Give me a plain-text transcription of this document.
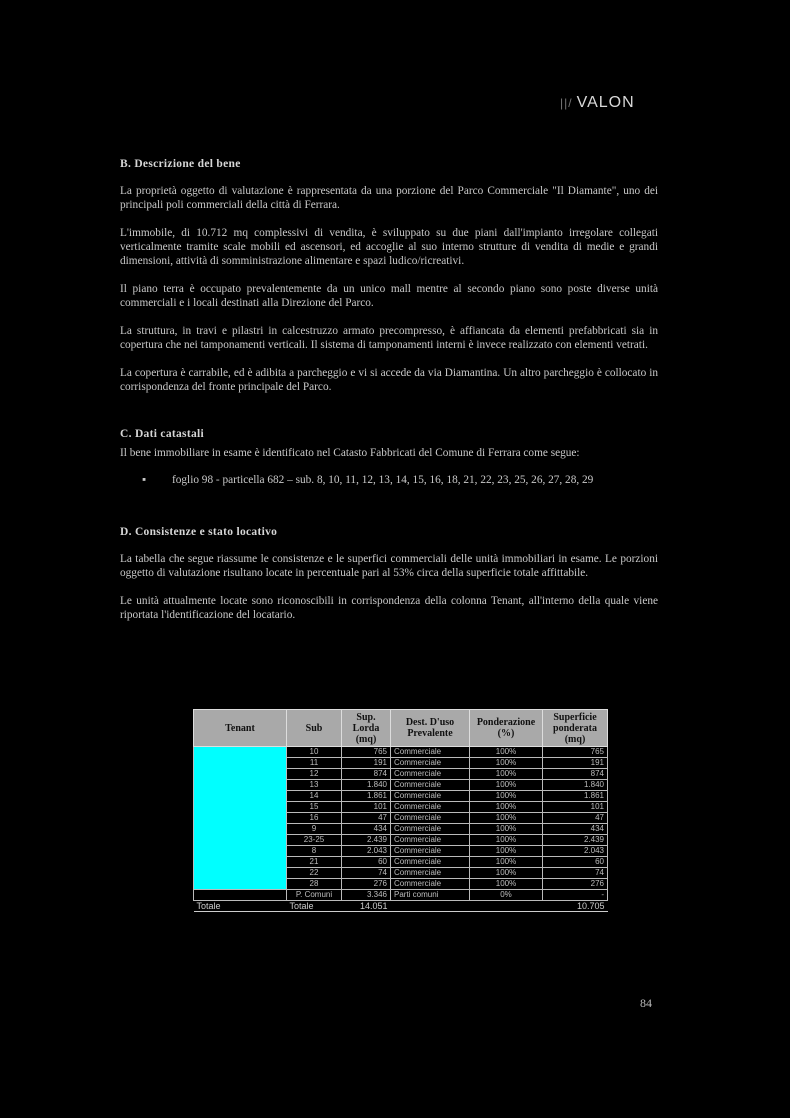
||/ VALON
B. Descrizione del bene

La proprietà oggetto di valutazione è rappresentata da una porzione del Parco Commerciale "Il Diamante", uno dei principali poli commerciali della città di Ferrara.

L'immobile, di 10.712 mq complessivi di vendita, è sviluppato su due piani dall'impianto irregolare collegati verticalmente tramite scale mobili ed ascensori, ed accoglie al suo interno strutture di vendita di medie e grandi dimensioni, attività di somministrazione alimentare e spazi ludico/ricreativi.

Il piano terra è occupato prevalentemente da un unico mall mentre al secondo piano sono poste diverse unità commerciali e i locali destinati alla Direzione del Parco.

La struttura, in travi e pilastri in calcestruzzo armato precompresso, è affiancata da elementi prefabbricati sia in copertura che nei tamponamenti verticali. Il sistema di tamponamenti interni è invece realizzato con elementi vetrati.

La copertura è carrabile, ed è adibita a parcheggio e vi si accede da via Diamantina. Un altro parcheggio è collocato in corrispondenza del fronte principale del Parco.

C. Dati catastali

Il bene immobiliare in esame è identificato nel Catasto Fabbricati del Comune di Ferrara come segue:

▪ foglio 98 - particella 682 – sub. 8, 10, 11, 12, 13, 14, 15, 16, 18, 21, 22, 23, 25, 26, 27, 28, 29
D. Consistenze e stato locativo

La tabella che segue riassume le consistenze e le superfici commerciali delle unità immobiliari in esame. Le porzioni oggetto di valutazione risultano locate in percentuale pari al 53% circa della superficie totale affittabile.

Le unità attualmente locate sono riconoscibili in corrispondenza della colonna Tenant, all'interno della quale viene riportata l'identificazione del locatario.

Tenant	Sub	Sup. Lorda (mq)	Dest. D'uso Prevalente	Ponderazione (%)	Superficie ponderata (mq)
	10	765	Commerciale	100%	765
	11	191	Commerciale	100%	191
	12	874	Commerciale	100%	874
	13	1.840	Commerciale	100%	1.840
	14	1.861	Commerciale	100%	1.861
	15	101	Commerciale	100%	101
	16	47	Commerciale	100%	47
	9	434	Commerciale	100%	434
	23-25	2.439	Commerciale	100%	2.439
	8	2.043	Commerciale	100%	2.043
	21	60	Commerciale	100%	60
	22	74	Commerciale	100%	74
	28	276	Commerciale	100%	276
	P. Comuni	3.346	Parti comuni	0%	-
Totale	Totale	14.051			10.705
84
